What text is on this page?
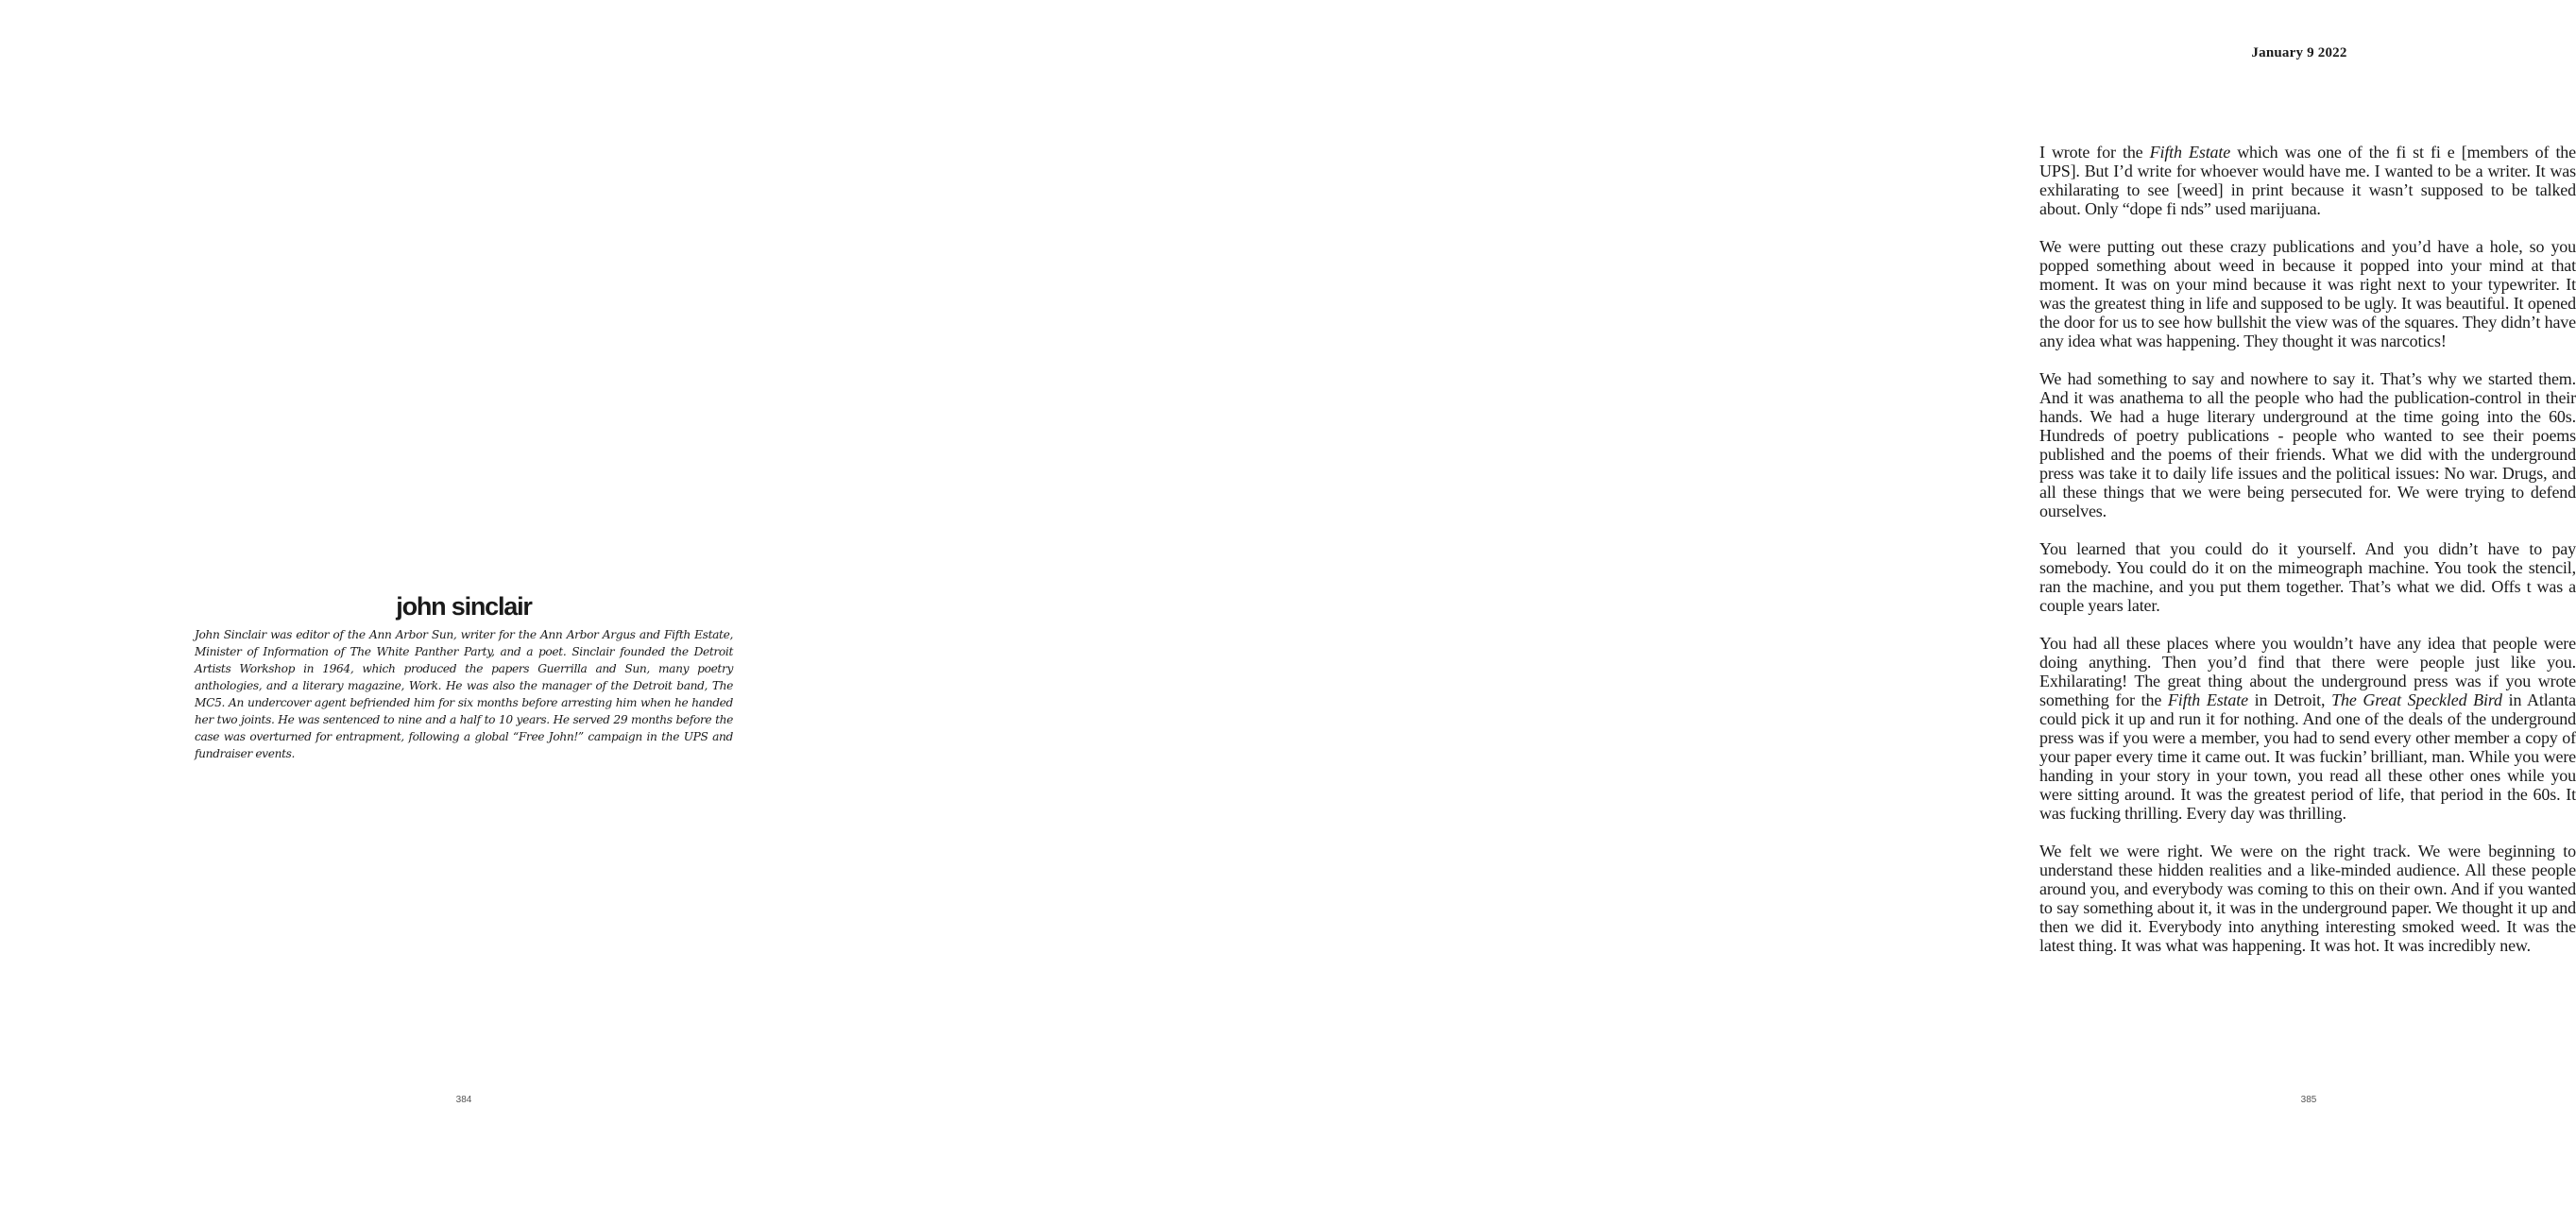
john sinclair

John Sinclair was editor of the Ann Arbor Sun, writer for the Ann Arbor Argus and Fifth Estate, Minister of Information of The White Panther Party, and a poet. Sinclair founded the Detroit Artists Workshop in 1964, which produced the papers Guerrilla and Sun, many poetry anthologies, and a literary magazine, Work. He was also the manager of the Detroit band, The MC5. An undercover agent befriended him for six months before arresting him when he handed her two joints. He was sentenced to nine and a half to 10 years. He served 29 months before the case was overturned for entrapment, following a global “Free John!” campaign in the UPS and fundraiser events.

384
January 9 2022

I wrote for the Fifth Estate which was one of the fi st fi e [members of the UPS]. But I’d write for whoever would have me. I wanted to be a writer. It was exhilarating to see [weed] in print because it wasn’t supposed to be talked about. Only “dope fi nds” used marijuana.

We were putting out these crazy publications and you’d have a hole, so you popped something about weed in because it popped into your mind at that moment. It was on your mind because it was right next to your typewriter. It was the greatest thing in life and supposed to be ugly. It was beautiful. It opened the door for us to see how bullshit the view was of the squares. They didn’t have any idea what was happening. They thought it was narcotics!

We had something to say and nowhere to say it. That’s why we started them. And it was anathema to all the people who had the publication-control in their hands. We had a huge literary underground at the time going into the 60s. Hundreds of poetry publications - people who wanted to see their poems published and the poems of their friends. What we did with the underground press was take it to daily life issues and the political issues: No war. Drugs, and all these things that we were being persecuted for. We were trying to defend ourselves.

You learned that you could do it yourself. And you didn’t have to pay somebody. You could do it on the mimeograph machine. You took the stencil, ran the machine, and you put them together. That’s what we did. Offs t was a couple years later.

You had all these places where you wouldn’t have any idea that people were doing anything. Then you’d find that there were people just like you. Exhilarating! The great thing about the underground press was if you wrote something for the Fifth Estate in Detroit, The Great Speckled Bird in Atlanta could pick it up and run it for nothing. And one of the deals of the underground press was if you were a member, you had to send every other member a copy of your paper every time it came out. It was fuckin’ brilliant, man. While you were handing in your story in your town, you read all these other ones while you were sitting around. It was the greatest period of life, that period in the 60s. It was fucking thrilling. Every day was thrilling.

We felt we were right. We were on the right track. We were beginning to understand these hidden realities and a like-minded audience. All these people around you, and everybody was coming to this on their own. And if you wanted to say something about it, it was in the underground paper. We thought it up and then we did it. Everybody into anything interesting smoked weed. It was the latest thing. It was what was happening. It was hot. It was incredibly new.

385
